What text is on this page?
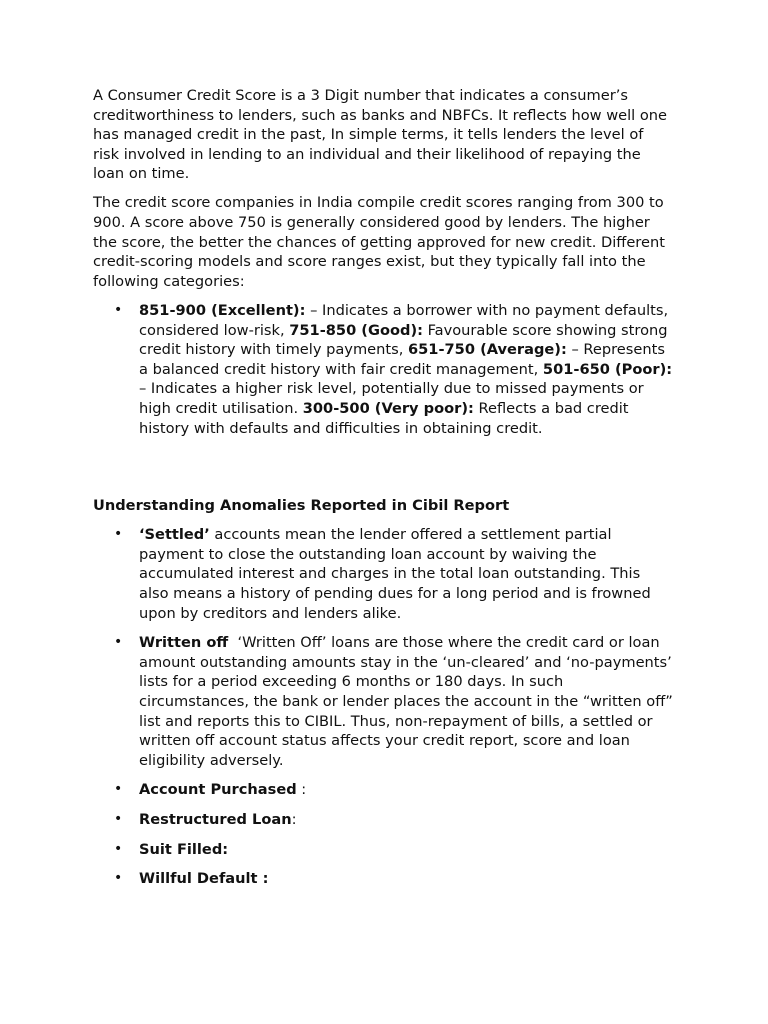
A Consumer Credit Score is a 3 Digit number that indicates a consumer’s creditworthiness to lenders, such as banks and NBFCs. It reflects how well one has managed credit in the past, In simple terms, it tells lenders the level of risk involved in lending to an individual and their likelihood of repaying the loan on time.

The credit score companies in India compile credit scores ranging from 300 to 900. A score above 750 is generally considered good by lenders. The higher the score, the better the chances of getting approved for new credit. Different credit-scoring models and score ranges exist, but they typically fall into the following categories:

• 851-900 (Excellent): – Indicates a borrower with no payment defaults, considered low-risk, 751-850 (Good): Favourable score showing strong credit history with timely payments, 651-750 (Average): – Represents a balanced credit history with fair credit management, 501-650 (Poor): – Indicates a higher risk level, potentially due to missed payments or high credit utilisation. 300-500 (Very poor): Reflects a bad credit history with defaults and difficulties in obtaining credit.
Understanding Anomalies Reported in Cibil Report
• ‘Settled’ accounts mean the lender offered a settlement partial payment to close the outstanding loan account by waiving the accumulated interest and charges in the total loan outstanding. This also means a history of pending dues for a long period and is frowned upon by creditors and lenders alike.
• Written off  ‘Written Off’ loans are those where the credit card or loan amount outstanding amounts stay in the ‘un-cleared’ and ‘no-payments’ lists for a period exceeding 6 months or 180 days. In such circumstances, the bank or lender places the account in the “written off” list and reports this to CIBIL. Thus, non-repayment of bills, a settled or written off account status affects your credit report, score and loan eligibility adversely.
• Account Purchased :
• Restructured Loan:
• Suit Filled:
• Willful Default :
